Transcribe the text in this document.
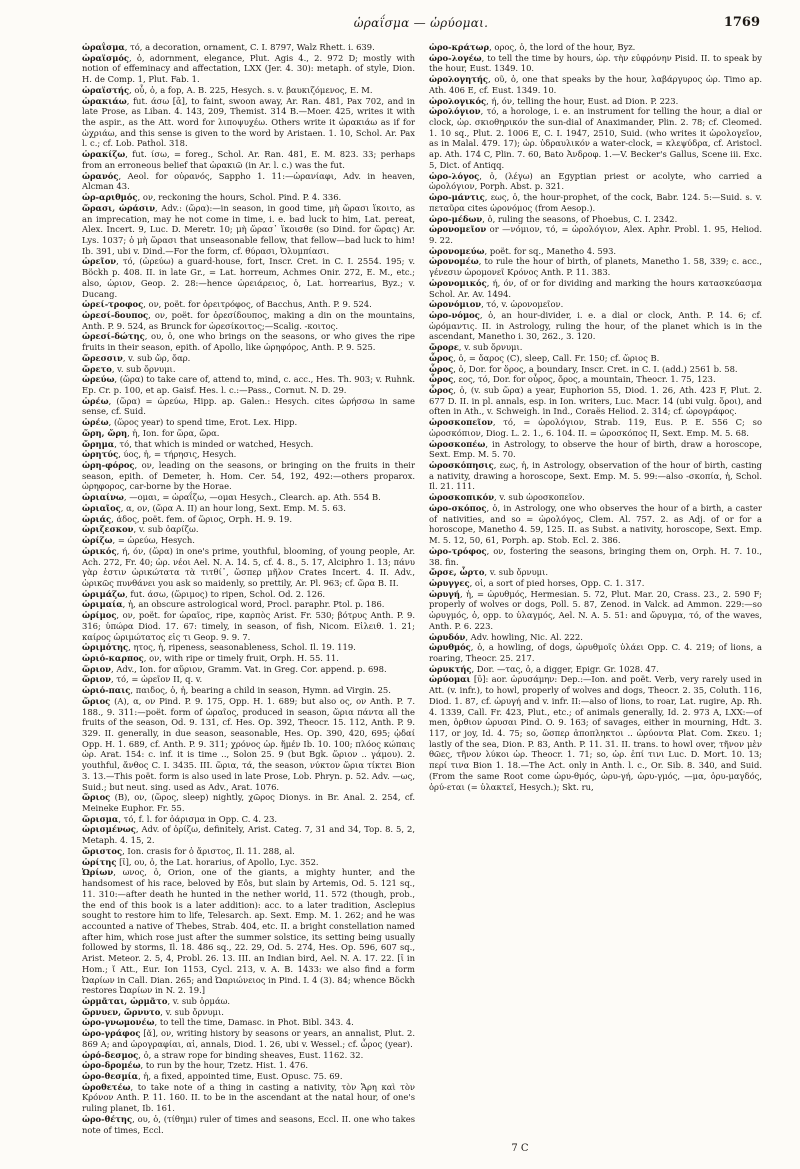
ὡραΐσμα — ὡρύομαι.	1769

ὡραΐσμα, τό, a decoration, ornament, C. I. 8797, Walz Rhett. i. 639.

ὡραϊσμός, ὁ, adornment, elegance, Plut. Agis 4., 2. 972 D; mostly with notion of effeminacy and affectation, LXX (Jer. 4. 30): metaph. of style, Dion. H. de Comp. 1, Plut. Fab. 1.

ὡραϊστής, οὗ, ὁ, a fop, A. B. 225, Hesych. s. v. βαυκιζόμενος, E. M.

ὡρακιάω, fut. άσω [ᾱ], to faint, swoon away, Ar. Ran. 481, Pax 702, and in late Prose, as Liban. 4. 143, 209, Themist. 314 B.—Moer. 425, writes it with the aspir., as the Att. word for λιποψυχέω. Others write it ὡρακιάω as if for ὠχριάω, and this sense is given to the word by Aristaen. 1. 10, Schol. Ar. Pax l. c.; cf. Lob. Pathol. 318.

ὡρακίζω, fut. ίσω, = foreg., Schol. Ar. Ran. 481, E. M. 823. 33; perhaps from an erroneous belief that ὡρακιῶ (in Ar. l. c.) was the fut.

ὡρανός, Aeol. for οὐρανός, Sappho 1. 11:—ὠρανίαφι, Adv. in heaven, Alcman 43.

ὡρ-αριθμός, ον, reckoning the hours, Schol. Pind. P. 4. 336.

ὥρασι, ὡράσιν, Adv.: (ὥρα):—in season, in good time, μὴ ὥρασι ἵκοιτο, as an imprecation, may he not come in time, i. e. bad luck to him, Lat. pereat, Alex. Incert. 9, Luc. D. Meretr. 10; μὴ ὥρασ᾽ ἵκοισθε (so Dind. for ὥρας) Ar. Lys. 1037; ὁ μὴ ὥρασι that unseasonable fellow, that fellow—bad luck to him! Ib. 391, ubi v. Dind.—For the form, cf. θύρασι, Ὀλυμπίασι.

ὡρεῖον, τό, (ὠρεύω) a guard-house, fort, Inscr. Cret. in C. I. 2554. 195; v. Böckh p. 408. II. in late Gr., = Lat. horreum, Achmes Onir. 272, E. M., etc.; also, ὡριον, Geop. 2. 28:—hence ὡρειάρειος, ὁ, Lat. horrearius, Byz.; v. Ducang.

ὡρεί-τροφος, ον, poët. for ὀρειτρόφος, of Bacchus, Anth. P. 9. 524.

ὡρεσί-δουπος, ον, poët. for ὀρεσίδουπος, making a din on the mountains, Anth. P. 9. 524, as Brunck for ὡρεσίκοιτος;—Scalig. -κοιτος.

ὡρεσί-δώτης, ου, ὁ, one who brings on the seasons, or who gives the ripe fruits in their season, epith. of Apollo, like ὡρηφόρος, Anth. P. 9. 525.

ὥρεσσιν, v. sub ὤρ, ὄαρ.

ὤρετο, v. sub ὄρνυμι.

ὡρεύω, (ὥρα) to take care of, attend to, mind, c. acc., Hes. Th. 903; v. Ruhnk. Ep. Cr. p. 100, et ap. Gaisf. Hes. l. c.:—Pass., Cornut. N. D. 29.

ὡρέω, (ὥρα) = ὡρεύω, Hipp. ap. Galen.: Hesych. cites ὡρήσσω in same sense, cf. Suid.

ὡρέω, (ὥρος year) to spend time, Erot. Lex. Hipp.

ὥρη, ὤρη, ἡ, Ion. for ὥρα, ὤρα.

ὤρημα, τό, that which is minded or watched, Hesych.

ὠρητύς, ύος, ἡ, = τήρησις, Hesych.

ὡρη-φόρος, ον, leading on the seasons, or bringing on the fruits in their season, epith. of Demeter, h. Hom. Cer. 54, 192, 492:—others proparox. ὡρηφορος, car-borne by the Horae.

ὡριαίνω, —ομαι, = ὡραΐζω, —ομαι Hesych., Clearch. ap. Ath. 554 B.

ὡριαῖος, α, ον, (ὥρα A. II) an hour long, Sext. Emp. M. 5. 63.

ὡριάς, άδος, poët. fem. of ὥριος, Orph. H. 9. 19.

ὡριζεσκον, v. sub ὀαρίζω.

ὡρίζω, = ὡρεύω, Hesych.

ὡρικός, ή, όν, (ὥρα) in one's prime, youthful, blooming, of young people, Ar. Ach. 272, Fr. 40; ὡρ. νέοι Ael. N. A. 14. 5, cf. 4. 8., 5. 17, Alciphro 1. 13; πάνυ γὰρ ἐστιν ὡρικώτατα τὰ τιτθί᾽, ὥσπερ μῆλον Crates Incert. 4. II. Adv., ὡρικῶς πυνθάνει you ask so maidenly, so prettily, Ar. Pl. 963; cf. ὥρα B. II.

ὡριμάζω, fut. άσω, (ὥριμος) to ripen, Schol. Od. 2. 126.

ὡριμαία, ἡ, an obscure astrological word, Procl. paraphr. Ptol. p. 186.

ὡρίμος, ον, poët. for ὡραῖος, ripe, καρπὸς Arist. Fr. 530; βότρυς Anth. P. 9. 316; ὑπώρα Diod. 17. 67: timely, in season, of fish, Nicom. Εἰλειθ. 1. 21; καίρος ὡριμώτατος εἰς τι Geop. 9. 9. 7.

ὡριμότης, ητος, ἡ, ripeness, seasonableness, Schol. Il. 19. 119.

ὡριό-καρπος, ον, with ripe or timely fruit, Orph. H. 55. 11.

ὥριον, Adv., Ion. for αὔριον, Gramm. Vat. in Greg. Cor. append. p. 698.

ὥριον, τό, = ὡρεῖον II, q. v.

ὡριό-παις, παιδος, ὁ, ἡ, bearing a child in season, Hymn. ad Virgin. 25.

ὥριος (A), α, ον Pind. P. 9. 175, Opp. H. 1. 689; but also ος, ον Anth. P. 7. 188., 9. 311:—poët. form of ὡραῖος, produced in season, ὥρια πάντα all the fruits of the season, Od. 9. 131, cf. Hes. Op. 392, Theocr. 15. 112, Anth. P. 9. 329. II. generally, in due season, seasonable, Hes. Op. 390, 420, 695; ᾠδαί Opp. H. 1. 689, cf. Anth. P. 9. 311; χρόνος ὡρ. ἥμέν Ib. 10. 100; πλόος κώπαις ὡρ. Arat. 154: c. inf. it is time .., Solon 25. 9 (but Bgk. ὥριον .. γάμου). 2. youthful, ἄνθος C. I. 3435. III. ὥρια, τά, the season, νύκτον ὥρια τίκτει Bion 3. 13.—This poët. form is also used in late Prose, Lob. Phryn. p. 52. Adv. —ως, Suid.; but neut. sing. used as Adv., Arat. 1076.

ὥριος (B), ον, (ὥρος, sleep) nightly, χῶρος Dionys. in Br. Anal. 2. 254, cf. Meineke Euphor. Fr. 55.

ὥρισμα, τό, f. l. for ὀάρισμα in Opp. C. 4. 23.

ὡρισμένως, Adv. of ὁρίζω, definitely, Arist. Categ. 7, 31 and 34, Top. 8. 5, 2, Metaph. 4. 15, 2.

ὤριστος, Ion. crasis for ὁ ἄριστος, Il. 11. 288, al.

ὡρίτης [ῑ], ου, ὁ, the Lat. horarius, of Apollo, Lyc. 352.

Ὠρίων, ωνος, ὁ, Orion, one of the giants, a mighty hunter, and the handsomest of his race, beloved by Eôs, but slain by Artemis, Od. 5. 121 sq., 11. 310:—after death he hunted in the nether world, 11. 572 (though, prob., the end of this book is a later addition): acc. to a later tradition, Asclepius sought to restore him to life, Telesarch. ap. Sext. Emp. M. 1. 262; and he was accounted a native of Thebes, Strab. 404, etc. II. a bright constellation named after him, which rose just after the summer solstice, its setting being usually followed by storms, Il. 18. 486 sq., 22. 29, Od. 5. 274, Hes. Op. 596, 607 sq., Arist. Meteor. 2. 5, 4, Probl. 26. 13. III. an Indian bird, Ael. N. A. 17. 22. [ῑ in Hom.; ῐ Att., Eur. Ion 1153, Cycl. 213, v. A. B. 1433: we also find a form Ὠαρίων in Call. Dian. 265; and Ὠαριώνειος in Pind. I. 4 (3). 84; whence Böckh restores Ὠαρίων in N. 2. 19.]

ὡρμᾶται, ὡρμᾶτο, v. sub ὁρμάω.

ὤρνυεν, ὤρνυτο, v. sub ὄρνυμι.

ὡρο-γνωμονέω, to tell the time, Damasc. in Phot. Bibl. 343. 4.

ὡρο-γράφος [ᾰ], ον, writing history by seasons or years, an annalist, Plut. 2. 869 A; and ὡρογραφίαι, αἱ, annals, Diod. 1. 26, ubi v. Wessel.; cf. ὧρος (year).

ὡρό-δεσμος, ὁ, a straw rope for binding sheaves, Eust. 1162. 32.

ὡρο-δρομέω, to run by the hour, Tzetz. Hist. 1. 476.

ὡρο-θεσμία, ἡ, a fixed, appointed time, Eust. Opusc. 75. 69.

ὡροθετέω, to take note of a thing in casting a nativity, τὸν Ἄρη καὶ τὸν Κρόνον Anth. P. 11. 160. II. to be in the ascendant at the natal hour, of one's ruling planet, Ib. 161.

ὡρο-θέτης, ου, ὁ, (τίθημι) ruler of times and seasons, Eccl. II. one who takes note of times, Eccl.

ὡρο-κράτωρ, ορος, ὁ, the lord of the hour, Byz.

ὡρο-λογέω, to tell the time by hours, ὡρ. τὴν εὐφρόνην Pisid. II. to speak by the hour, Eust. 1349. 10.

ὡρολογητής, οῦ, ὁ, one that speaks by the hour, λαβάργυρος ὡρ. Timo ap. Ath. 406 E, cf. Eust. 1349. 10.

ὡρολογικός, ή, όν, telling the hour, Eust. ad Dion. P. 223.

ὡρολόγιον, τό, a horologe, i. e. an instrument for telling the hour, a dial or clock, ὡρ. σκιοθηρικόν the sun-dial of Anaximander, Plin. 2. 78; cf. Cleomed. 1. 10 sq., Plut. 2. 1006 E, C. I. 1947, 2510, Suid. (who writes it ὡρολογεῖον, as in Malal. 479. 17); ὡρ. ὑδραυλικόν a water-clock, = κλεψύδρα, cf. Aristocl. ap. Ath. 174 C, Plin. 7. 60, Bato Ἀνδροφ. 1.—V. Becker's Gallus, Scene iii. Exc. 5, Dict. of Antiqq.

ὡρο-λόγος, ὁ, (λέγω) an Egyptian priest or acolyte, who carried a ὡρολόγιον, Porph. Abst. p. 321.

ὡρο-μάντις, εως, ὁ, the hour-prophet, of the cock, Babr. 124. 5:—Suid. s. v. πεταῦρα cites ὡρονόμος (from Aesop.).

ὡρο-μέδων, ὁ, ruling the seasons, of Phoebus, C. I. 2342.

ὡρονομεῖον or —νόμιον, τό, = ὡρολόγιον, Alex. Aphr. Probl. 1. 95, Heliod. 9. 22.

ὡρονομεύω, poët. for sq., Manetho 4. 593.

ὡρονομέω, to rule the hour of birth, of planets, Manetho 1. 58, 339; c. acc., γένεσιν ὡρομονεῖ Κρόνος Anth. P. 11. 383.

ὡρονομικός, ή, όν, of or for dividing and marking the hours κατασκεύασμα Schol. Ar. Av. 1494.

ὡρονόμιον, τό, v. ὡρονομεῖον.

ὡρο-νόμος, ὁ, an hour-divider, i. e. a dial or clock, Anth. P. 14. 6; cf. ὡρόμαντις. II. in Astrology, ruling the hour, of the planet which is in the ascendant, Manetho i. 30, 262., 3. 120.

ὤρορε, v. sub ὄρνυμι.

ὧρος, ὁ, = ὄαρος (C), sleep, Call. Fr. 150; cf. ὥριος B.

ὧρος, ὁ, Dor. for ὅρος, a boundary, Inscr. Cret. in C. I. (add.) 2561 b. 58.

ὦρος, εος, τό, Dor. for οὖρος, ὄρος, a mountain, Theocr. 1. 75, 123.

ὧρος, ὁ, (v. sub ὥρα) a year, Euphorion 55, Diod. 1. 26, Ath. 423 F, Plut. 2. 677 D. II. in pl. annals, esp. in Ion. writers, Luc. Macr. 14 (ubi vulg. ὅροι), and often in Ath., v. Schweigh. in Ind., Coraës Heliod. 2. 314; cf. ὡρογράφος.

ὡροσκοπεῖον, τό, = ὡρολόγιον, Strab. 119, Eus. P. E. 556 C; so ὡροσκόπιον, Diog. L. 2. 1., 6. 104. II. = ὡροσκόπος II, Sext. Emp. M. 5. 68.

ὡροσκοπέω, in Astrology, to observe the hour of birth, draw a horoscope, Sext. Emp. M. 5. 70.

ὡροσκόπησις, εως, ἡ, in Astrology, observation of the hour of birth, casting a nativity, drawing a horoscope, Sext. Emp. M. 5. 99:—also -σκοπία, ἡ, Schol. Il. 21. 111.

ὡροσκοπικόν, v. sub ὡροσκοπεῖον.

ὡρο-σκόπος, ὁ, in Astrology, one who observes the hour of a birth, a caster of nativities, and so = ὡρολόγος, Clem. Al. 757. 2. as Adj. of or for a horoscope, Manetho 4. 59, 125. II. as Subst. a nativity, horoscope, Sext. Emp. M. 5. 12, 50, 61, Porph. ap. Stob. Ecl. 2. 386.

ὡρο-τρόφος, ον, fostering the seasons, bringing them on, Orph. H. 7. 10., 38. fin.

ὤρσε, ὦρτο, v. sub ὄρνυμι.

ὠρυγγες, οἱ, a sort of pied horses, Opp. C. 1. 317.

ὠρυγή, ἡ, = ὠρυθμός, Hermesian. 5. 72, Plut. Mar. 20, Crass. 23., 2. 590 F; properly of wolves or dogs, Poll. 5. 87, Zenod. in Valck. ad Ammon. 229:—so ὠρυγμός, ὁ, opp. to ὑλαγμός, Ael. N. A. 5. 51: and ὤρυγμα, τό, of the waves, Anth. P. 6. 223.

ὡρυδόν, Adv. howling, Nic. Al. 222.

ὠρυθμός, ὁ, a howling, of dogs, ὠρυθμοῖς ὑλάει Opp. C. 4. 219; of lions, a roaring, Theocr. 25. 217.

ὡρυκτής, Dor. —τας, ὁ, a digger, Epigr. Gr. 1028. 47.

ὠρύομαι [ῡ]: aor. ὠρυσάμην: Dep.:—Ion. and poët. Verb, very rarely used in Att. (v. infr.), to howl, properly of wolves and dogs, Theocr. 2. 35, Coluth. 116, Diod. 1. 87, cf. ὠρυγή and v. infr. II:—also of lions, to roar, Lat. rugire, Ap. Rh. 4. 1339, Call. Fr. 423, Plut., etc.; of animals generally, Id. 2. 973 A, LXX:—of men, ὀρθιον ὠρυσαι Pind. O. 9. 163; of savages, either in mourning, Hdt. 3. 117, or joy, Id. 4. 75; so, ὥσπερ ἀποπληκτοι .. ὠρύοντα Plat. Com. Σκευ. 1; lastly of the sea, Dion. P. 83, Anth. P. 11. 31. II. trans. to howl over, τῆνον μὲν θῶες, τῆνον λύκοι ὠρ. Theocr. 1. 71; so, ὠρ. ἐπί τινι Luc. D. Mort. 10. 13; περί τινα Bion 1. 18.—The Act. only in Anth. l. c., Or. Sib. 8. 340, and Suid. (From the same Root come ὠρυ-θμός, ὠρυ-γή, ὠρυ-γμός, —μα, ὀρυ-μαγδός, ὀρύ-εται (= ὑλακτεῖ, Hesych.); Skt. ru,

7 C
